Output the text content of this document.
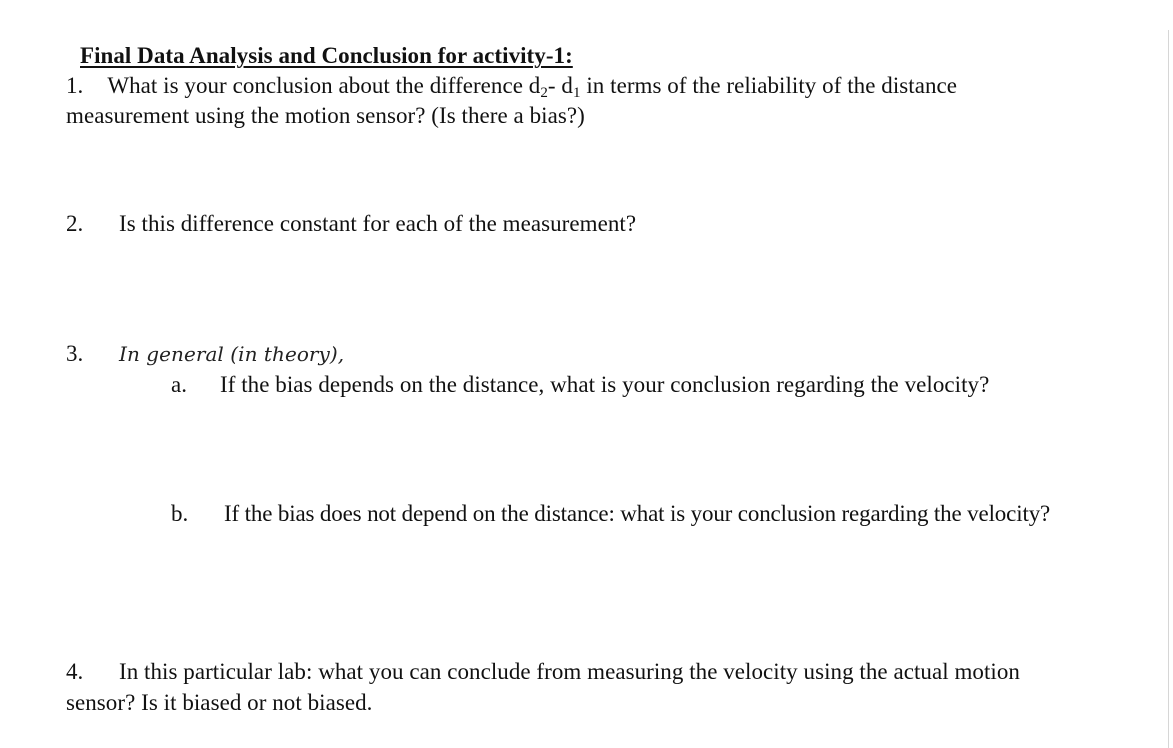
Final Data Analysis and Conclusion for activity-1:
1. What is your conclusion about the difference $d_2-$ $d_1$ in terms of the reliability of the distance
measurement using the motion sensor? (Is there a bias?)
2. Is this difference constant for each of the measurement?
3. In general (in theory),
a. If the bias depends on the distance, what is your conclusion regarding the velocity?
b. If the bias does not depend on the distance: what is your conclusion regarding the velocity?
4. In this particular lab: what you can conclude from measuring the velocity using the actual motion
sensor? Is it biased or not biased.
